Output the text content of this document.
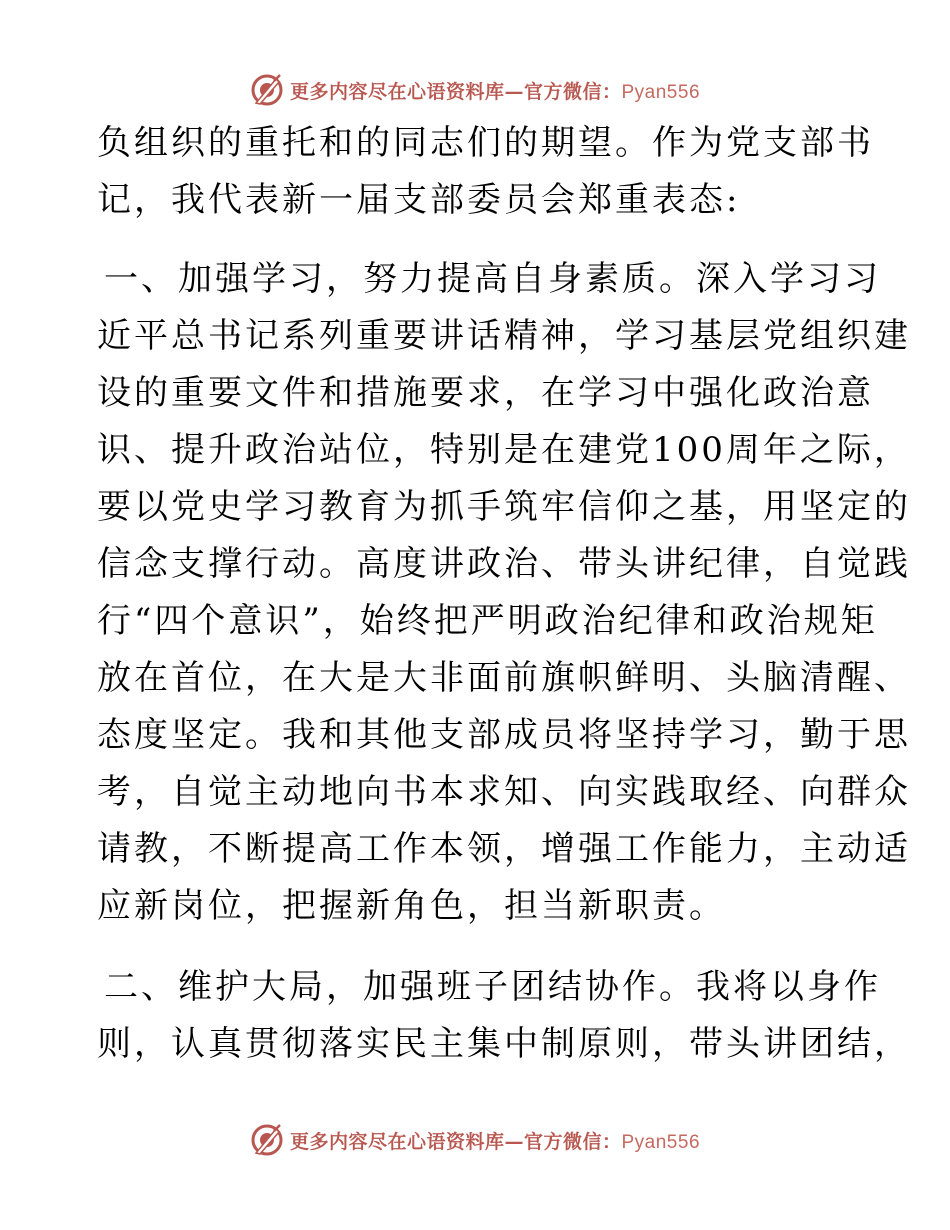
更多内容尽在心语资料库—官方微信：Pyan556
负组织的重托和的同志们的期望。作为党支部书
记，我代表新一届支部委员会郑重表态:
一、加强学习，努力提高自身素质。深入学习习
近平总书记系列重要讲话精神，学习基层党组织建
设的重要文件和措施要求，在学习中强化政治意
识、提升政治站位，特别是在建党100周年之际，
要以党史学习教育为抓手筑牢信仰之基，用坚定的
信念支撑行动。高度讲政治、带头讲纪律，自觉践
行“四个意识”，始终把严明政治纪律和政治规矩
放在首位，在大是大非面前旗帜鲜明、头脑清醒、
态度坚定。我和其他支部成员将坚持学习，勤于思
考，自觉主动地向书本求知、向实践取经、向群众
请教，不断提高工作本领，增强工作能力，主动适
应新岗位，把握新角色，担当新职责。
二、维护大局，加强班子团结协作。我将以身作
则，认真贯彻落实民主集中制原则，带头讲团结，
更多内容尽在心语资料库—官方微信：Pyan556
